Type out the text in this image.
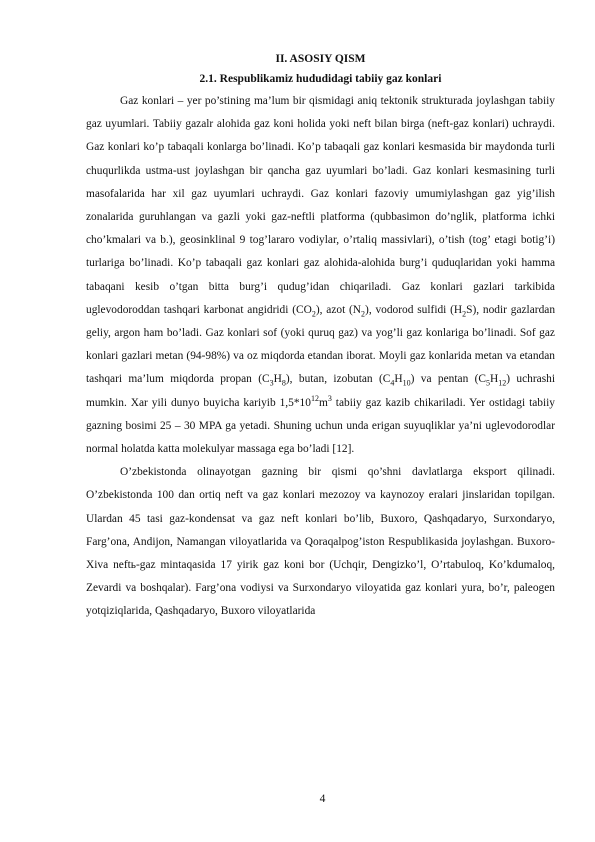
II. ASOSIY QISM
2.1. Respublikamiz hududidagi tabiiy gaz konlari

Gaz konlari – yer po’stining ma’lum bir qismidagi aniq tektonik strukturada joylashgan tabiiy gaz uyumlari. Tabiiy gazalr alohida gaz koni holida yoki neft bilan birga (neft-gaz konlari) uchraydi. Gaz konlari ko’p tabaqali konlarga bo’linadi. Ko’p tabaqali gaz konlari kesmasida bir maydonda turli chuqurlikda ustma-ust joylashgan bir qancha gaz uyumlari bo’ladi. Gaz konlari kesmasining turli masofalarida har xil gaz uyumlari uchraydi. Gaz konlari fazoviy umumiylashgan gaz yig’ilish zonalarida guruhlangan va gazli yoki gaz-neftli platforma (qubbasimon do’nglik, platforma ichki cho’kmalari va b.), geosinklinal 9 tog’lararo vodiylar, o’rtaliq massivlari), o’tish (tog’ etagi botig’i) turlariga bo’linadi. Ko’p tabaqali gaz konlari gaz alohida-alohida burg’i quduqlaridan yoki hamma tabaqani kesib o’tgan bitta burg’i qudug’idan chiqariladi. Gaz konlari gazlari tarkibida uglevodoroddan tashqari karbonat angidridi $(CO_2)$, azot $(N_2)$, vodorod sulfidi $(H_2S)$, nodir gazlardan geliy, argon ham bo’ladi. Gaz konlari sof (yoki quruq gaz) va yog’li gaz konlariga bo’linadi. Sof gaz konlari gazlari metan (94-98%) va oz miqdorda etandan iborat. Moyli gaz konlarida metan va etandan tashqari ma’lum miqdorda propan $(C_3H_8)$, butan, izobutan $(C_4H_{10})$ va pentan $(C_5H_{12})$ uchrashi mumkin. Xar yili dunyo buyicha kariyib $1,5*10^{12}m^3$ tabiiy gaz kazib chikariladi. Yer ostidagi tabiiy gazning bosimi 25 – 30 MPA ga yetadi. Shuning uchun unda erigan suyuqliklar ya’ni uglevodorodlar normal holatda katta molekulyar massaga ega bo’ladi [12].

O’zbekistonda olinayotgan gazning bir qismi qo’shni davlatlarga eksport qilinadi. O’zbekistonda 100 dan ortiq neft va gaz konlari mezozoy va kaynozoy eralari jinslaridan topilgan. Ulardan 45 tasi gaz-kondensat va gaz neft konlari bo’lib, Buxoro, Qashqadaryo, Surxondaryo, Farg’ona, Andijon, Namangan viloyatlarida va Qoraqalpog’iston Respublikasida joylashgan. Buxoro-Xiva neftь-gaz mintaqasida 17 yirik gaz koni bor (Uchqir, Dengizko’l, O’rtabuloq, Ko’kdumaloq, Zevardi va boshqalar). Farg’ona vodiysi va Surxondaryo viloyatida gaz konlari yura, bo’r, paleogen yotqiziqlarida, Qashqadaryo, Buxoro viloyatlarida

4
